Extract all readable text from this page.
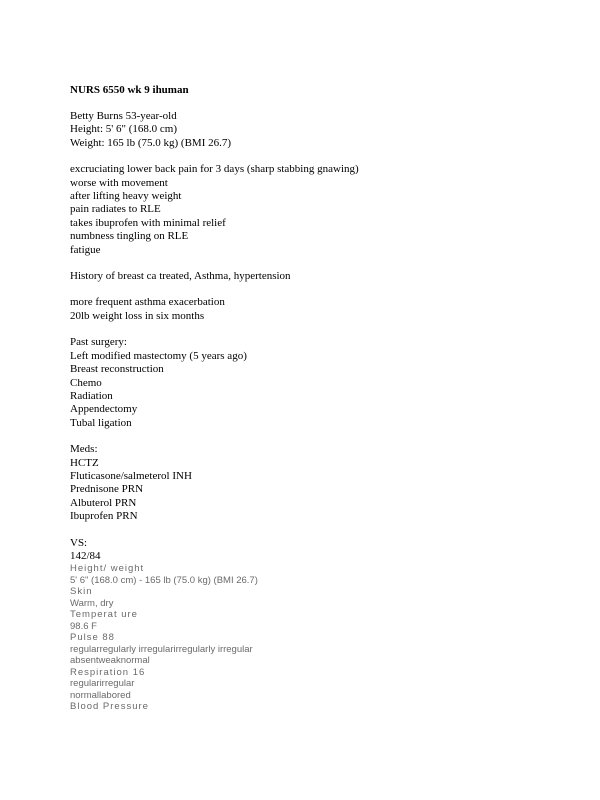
NURS 6550 wk 9 ihuman
Betty Burns 53-year-old
Height: 5' 6" (168.0 cm)
Weight: 165 lb (75.0 kg) (BMI 26.7)
excruciating lower back pain for 3 days (sharp stabbing gnawing)
worse with movement
after lifting heavy weight
pain radiates to RLE
takes ibuprofen with minimal relief
numbness tingling on RLE
fatigue
History of breast ca treated, Asthma, hypertension
more frequent asthma exacerbation
20lb weight loss in six months
Past surgery:
Left modified mastectomy (5 years ago)
Breast reconstruction
Chemo
Radiation
Appendectomy
Tubal ligation
Meds:
HCTZ
Fluticasone/salmeterol INH
Prednisone PRN
Albuterol PRN
Ibuprofen PRN
VS:
142/84
Height/ weight
5' 6" (168.0 cm) - 165 lb (75.0 kg) (BMI 26.7)
Skin
Warm, dry
Temperat ure
98.6 F
Pulse 88
regularregularly irregularirregularly irregular
absentweaknormal
Respiration 16
regularirregular
normallabored
Blood Pressure
